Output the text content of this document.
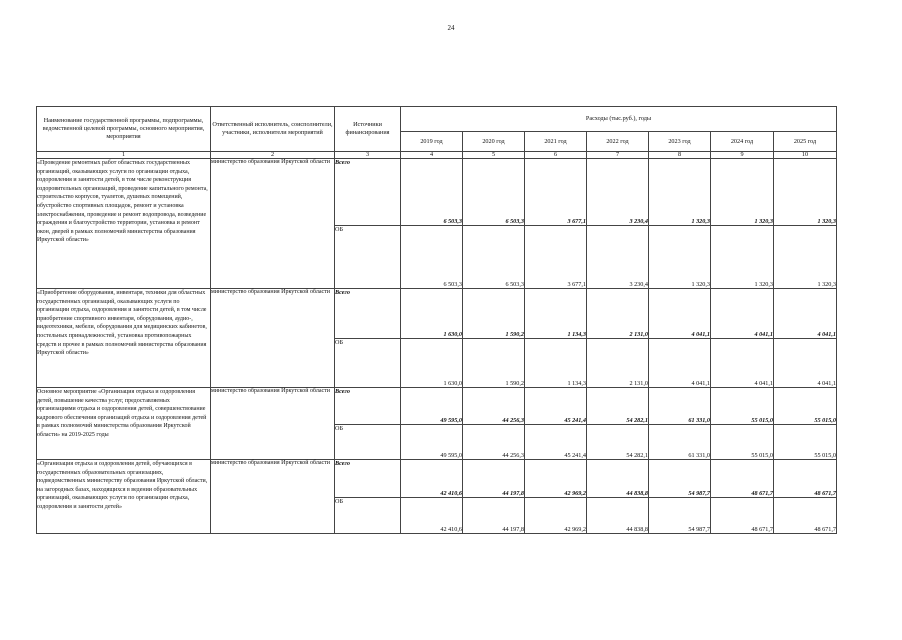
24
Наименование государственной программы, подпрограммы, ведомственной целевой программы, основного мероприятия, мероприятия	Ответственный исполнитель, соисполнители, участники, исполнители мероприятий	Источники финансирования	Расходы (тыс.руб.), годы						
			2019 год	2020 год	2021 год	2022 год	2023 год	2024 год	2025 год
1	2	3	4	5	6	7	8	9	10
«Проведение ремонтных работ областных государственных организаций, оказывающих услуги по организации отдыха, оздоровления и занятости детей, в том числе реконструкция оздоровительных организаций, проведение капитального ремонта, строительство корпусов, туалетов, душевых помещений, обустройство спортивных площадок, ремонт и установка электроснабжения, проведение и ремонт водопровода, возведение ограждения и благоустройство территории, установка и ремонт окон, дверей в рамках полномочий министерства образования Иркутской области»	министерство образования Иркутской области	Всего	6 503,3	6 503,3	3 677,1	3 230,4	1 320,3	1 320,3	1 320,3
		ОБ	6 503,3	6 503,3	3 677,1	3 230,4	1 320,3	1 320,3	1 320,3
«Приобретение оборудования, инвентаря, техники для областных государственных организаций, оказывающих услуги по организации отдыха, оздоровления и занятости детей, в том числе приобретение спортивного инвентаря, оборудования, аудио-, видеотехники, мебели, оборудования для медицинских кабинетов, постельных принадлежностей, установка противопожарных средств и прочее в рамках полномочий министерства образования Иркутской области»	министерство образования Иркутской области	Всего	1 630,0	1 590,2	1 134,3	2 131,0	4 041,1	4 041,1	4 041,1
		ОБ	1 630,0	1 590,2	1 134,3	2 131,0	4 041,1	4 041,1	4 041,1
Основное мероприятие «Организация отдыха и оздоровления детей, повышение качества услуг, предоставляемых организациями отдыха и оздоровления детей, совершенствование кадрового обеспечения организаций отдыха и оздоровления детей в рамках полномочий министерства образования Иркутской области» на 2019-2025 годы	министерство образования Иркутской области	Всего	49 595,0	44 256,3	45 241,4	54 282,1	61 331,0	55 015,0	55 015,0
		ОБ	49 595,0	44 256,3	45 241,4	54 282,1	61 331,0	55 015,0	55 015,0
«Организация отдыха и оздоровления детей, обучающихся в государственных образовательных организациях, подведомственных министерству образования Иркутской области, на загородных базах, находящихся в ведении образовательных организаций, оказывающих услуги по организации отдыха, оздоровления и занятости детей»	министерство образования Иркутской области	Всего	42 410,6	44 197,8	42 969,2	44 838,8	54 987,7	48 671,7	48 671,7
		ОБ	42 410,6	44 197,8	42 969,2	44 838,8	54 987,7	48 671,7	48 671,7
